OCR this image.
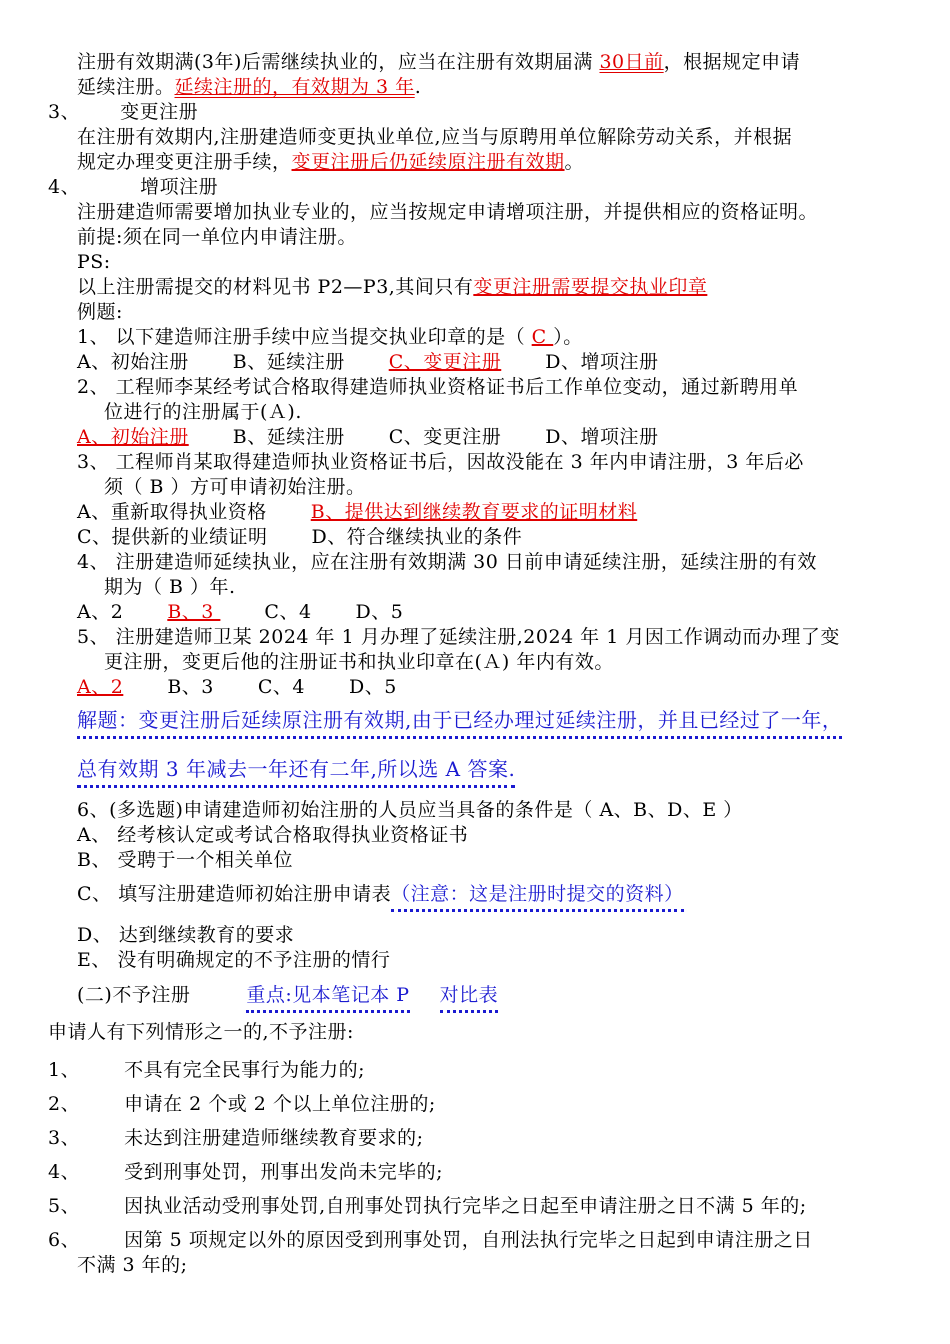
注册有效期满(3年)后需继续执业的，应当在注册有效期届满 30日前，根据规定申请
延续注册。延续注册的，有效期为 3 年.
3、 变更注册
在注册有效期内,注册建造师变更执业单位,应当与原聘用单位解除劳动关系，并根据
规定办理变更注册手续，变更注册后仍延续原注册有效期。
4、	增项注册
注册建造师需要增加执业专业的，应当按规定申请增项注册，并提供相应的资格证明。
前提:须在同一单位内申请注册。
PS:
以上注册需提交的材料见书 P2—P3,其间只有变更注册需要提交执业印章
例题:
1、 以下建造师注册手续中应当提交执业印章的是（ C ）。
A、初始注册 B、延续注册 C、变更注册 D、增项注册
2、 工程师李某经考试合格取得建造师执业资格证书后工作单位变动，通过新聘用单
位进行的注册属于(Ａ).
A、初始注册 B、延续注册 C、变更注册 D、增项注册
3、 工程师肖某取得建造师执业资格证书后，因故没能在 3 年内申请注册，3 年后必
须（ B ）方可申请初始注册。
A、重新取得执业资格 B、提供达到继续教育要求的证明材料
C、提供新的业绩证明 D、符合继续执业的条件
4、 注册建造师延续执业，应在注册有效期满 30 日前申请延续注册，延续注册的有效
期为（ B ）年.
A、2 B、3 C、4 D、5
5、 注册建造师卫某 2024 年 1 月办理了延续注册,2024 年 1 月因工作调动而办理了变
更注册，变更后他的注册证书和执业印章在(Ａ) 年内有效。
A、2 B、3 C、4 D、5
解题：变更注册后延续原注册有效期,由于已经办理过延续注册，并且已经过了一年，
总有效期 3 年减去一年还有二年,所以选 A 答案.
6、(多选题)申请建造师初始注册的人员应当具备的条件是（ A、B、D、E ）
A、 经考核认定或考试合格取得执业资格证书
B、 受聘于一个相关单位
C、 填写注册建造师初始注册申请表（注意：这是注册时提交的资料）
D、 达到继续教育的要求
E、 没有明确规定的不予注册的情行
(二)不予注册	重点:见本笔记本 P 对比表
申请人有下列情形之一的,不予注册:
1、 不具有完全民事行为能力的;
2、 申请在 2 个或 2 个以上单位注册的;
3、 未达到注册建造师继续教育要求的;
4、 受到刑事处罚，刑事出发尚未完毕的;
5、 因执业活动受刑事处罚,自刑事处罚执行完毕之日起至申请注册之日不满 5 年的;
6、 因第 5 项规定以外的原因受到刑事处罚，自刑法执行完毕之日起到申请注册之日
不满 3 年的;
